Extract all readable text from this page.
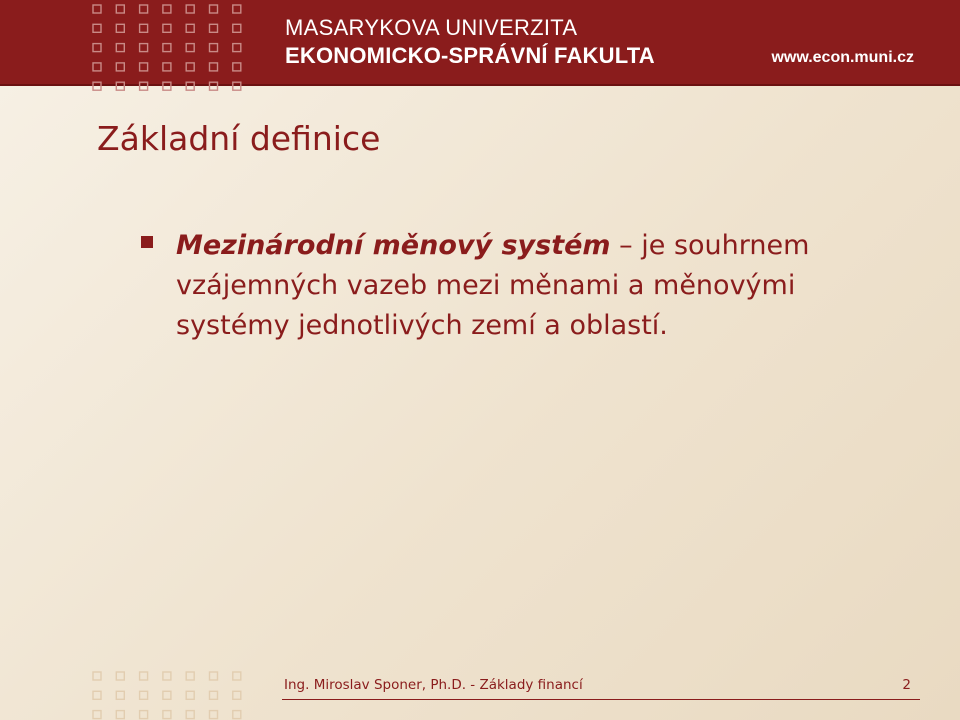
MASARYKOVA UNIVERZITA
EKONOMICKO-SPRÁVNÍ FAKULTA	www.econ.muni.cz
Základní definice
Mezinárodní měnový systém – je souhrnem vzájemných vazeb mezi měnami a měnovými systémy jednotlivých zemí a oblastí.
Ing. Miroslav Sponer, Ph.D. - Základy financí	2
